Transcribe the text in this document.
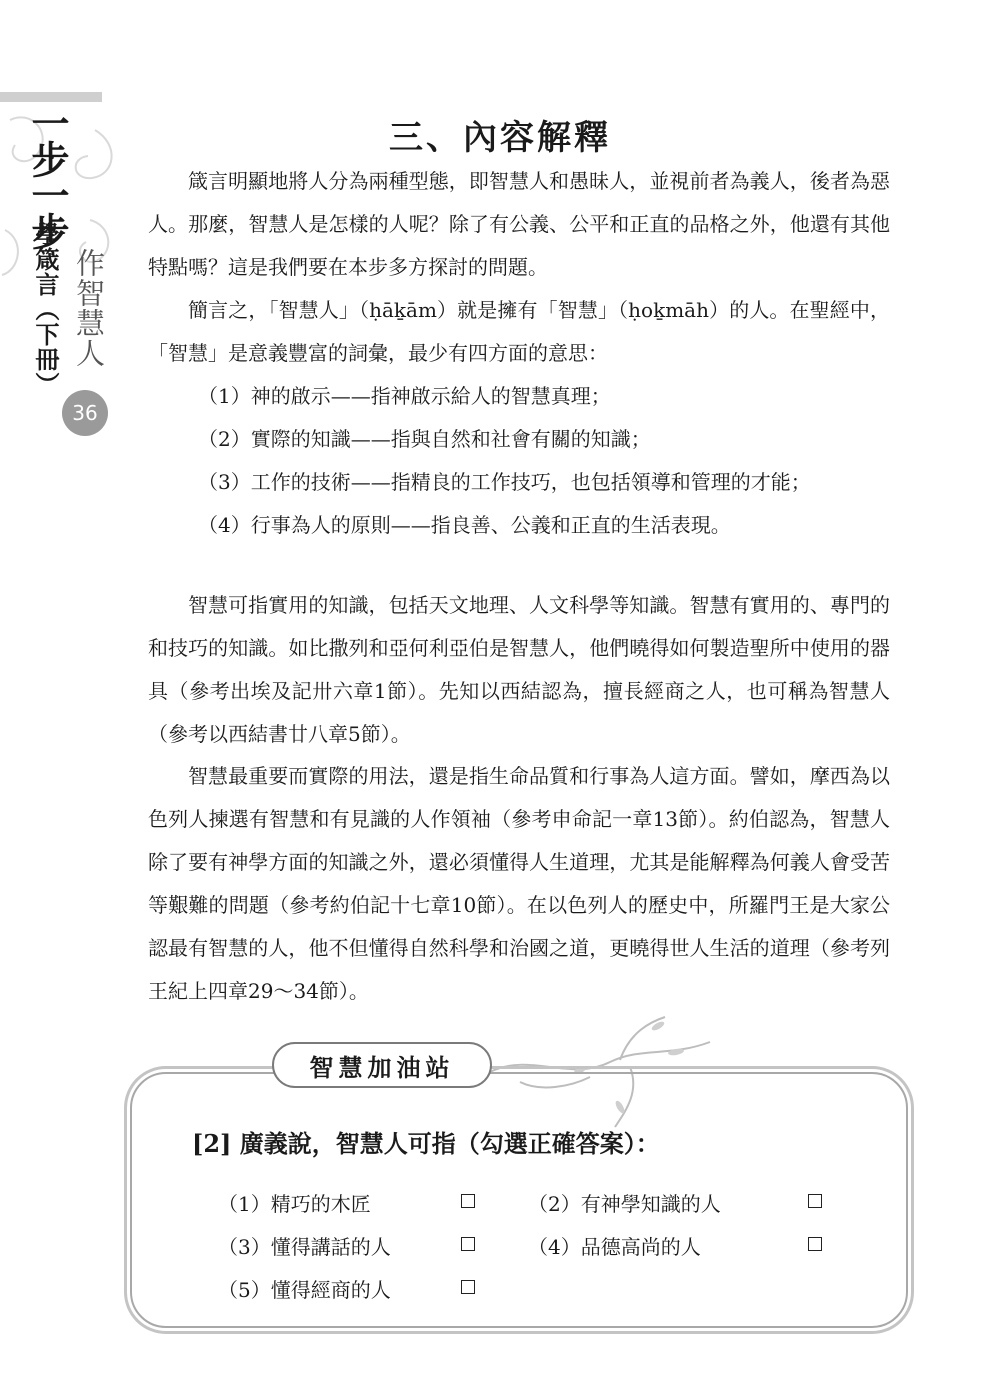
一步一步
學箴言（下冊） 作智慧人
36
三、內容解釋

箴言明顯地將人分為兩種型態，即智慧人和愚昧人，並視前者為義人，後者為惡人。那麼，智慧人是怎樣的人呢？除了有公義、公平和正直的品格之外，他還有其他特點嗎？這是我們要在本步多方探討的問題。

簡言之，「智慧人」（ḥāḵām）就是擁有「智慧」（ḥoḵmāh）的人。在聖經中，「智慧」是意義豐富的詞彙，最少有四方面的意思：

（1）神的啟示——指神啟示給人的智慧真理；

（2）實際的知識——指與自然和社會有關的知識；

（3）工作的技術——指精良的工作技巧，也包括領導和管理的才能；

（4）行事為人的原則——指良善、公義和正直的生活表現。

智慧可指實用的知識，包括天文地理、人文科學等知識。智慧有實用的、專門的和技巧的知識。如比撒列和亞何利亞伯是智慧人，他們曉得如何製造聖所中使用的器具（參考出埃及記卅六章1節）。先知以西結認為，擅長經商之人，也可稱為智慧人（參考以西結書廿八章5節）。

智慧最重要而實際的用法，還是指生命品質和行事為人這方面。譬如，摩西為以色列人揀選有智慧和有見識的人作領袖（參考申命記一章13節）。約伯認為，智慧人除了要有神學方面的知識之外，還必須懂得人生道理，尤其是能解釋為何義人會受苦等艱難的問題（參考約伯記十七章10節）。在以色列人的歷史中，所羅門王是大家公認最有智慧的人，他不但懂得自然科學和治國之道，更曉得世人生活的道理（參考列王紀上四章29～34節）。

智慧加油站

[2] 廣義說，智慧人可指（勾選正確答案）：

（1）精巧的木匠	（2）有神學知識的人
（3）懂得講話的人	（4）品德高尚的人
（5）懂得經商的人
